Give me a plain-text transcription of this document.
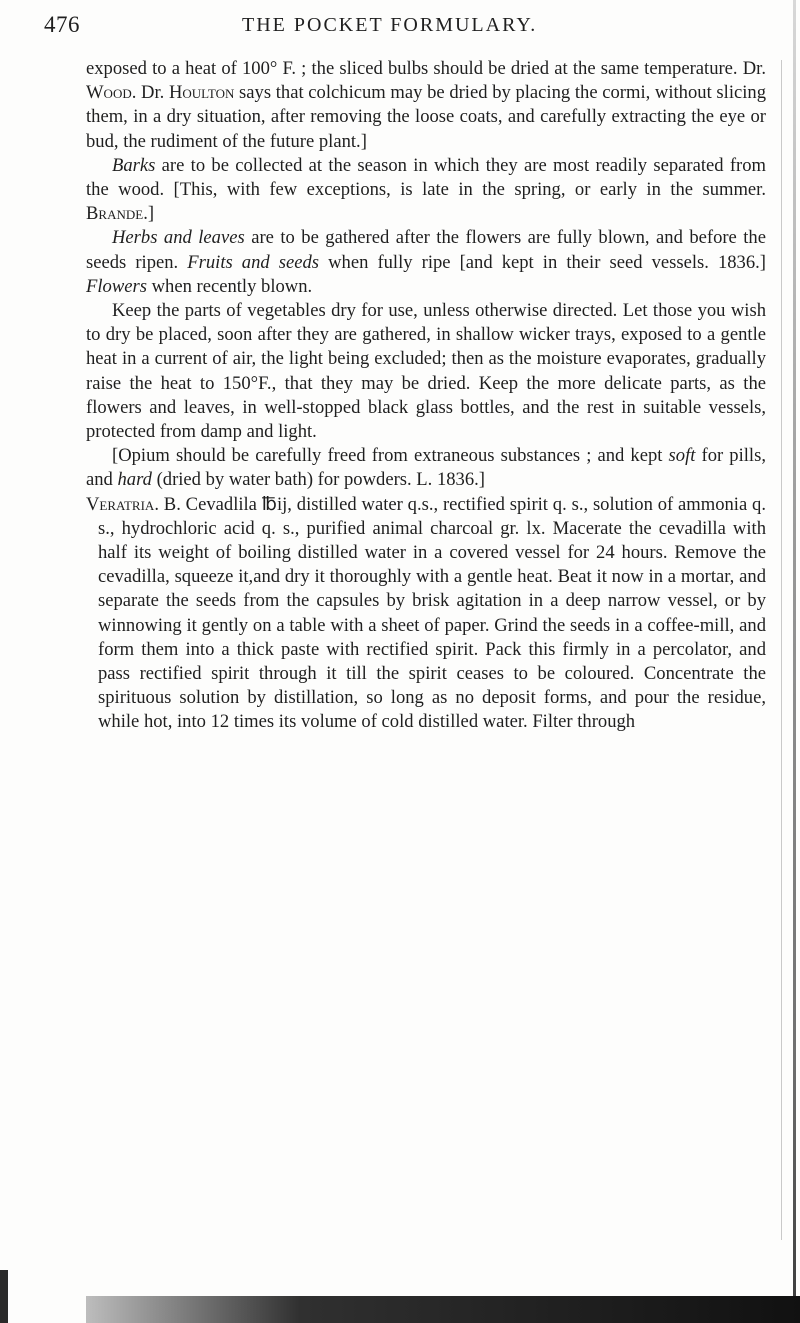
476	THE POCKET FORMULARY.

exposed to a heat of 100° F. ; the sliced bulbs should be dried at the same temperature. Dr. Wood. Dr. Houlton says that colchicum may be dried by placing the cormi, without slicing them, in a dry situation, after removing the loose coats, and carefully extracting the eye or bud, the rudiment of the future plant.]

Barks are to be collected at the season in which they are most readily separated from the wood. [This, with few exceptions, is late in the spring, or early in the summer. Brande.]

Herbs and leaves are to be gathered after the flowers are fully blown, and before the seeds ripen. Fruits and seeds when fully ripe [and kept in their seed vessels. 1836.] Flowers when recently blown.

Keep the parts of vegetables dry for use, unless otherwise directed. Let those you wish to dry be placed, soon after they are gathered, in shallow wicker trays, exposed to a gentle heat in a current of air, the light being excluded; then as the moisture evaporates, gradually raise the heat to 150°F., that they may be dried. Keep the more delicate parts, as the flowers and leaves, in well-stopped black glass bottles, and the rest in suitable vessels, protected from damp and light.

[Opium should be carefully freed from extraneous substances ; and kept soft for pills, and hard (dried by water bath) for powders. L. 1836.]

Veratria. B. Cevadlila ℔ij, distilled water q.s., rectified spirit q. s., solution of ammonia q. s., hydrochloric acid q. s., purified animal charcoal gr. lx. Macerate the cevadilla with half its weight of boiling distilled water in a covered vessel for 24 hours. Remove the cevadilla, squeeze it,and dry it thoroughly with a gentle heat. Beat it now in a mortar, and separate the seeds from the capsules by brisk agitation in a deep narrow vessel, or by winnowing it gently on a table with a sheet of paper. Grind the seeds in a coffee-mill, and form them into a thick paste with rectified spirit. Pack this firmly in a percolator, and pass rectified spirit through it till the spirit ceases to be coloured. Concentrate the spirituous solution by distillation, so long as no deposit forms, and pour the residue, while hot, into 12 times its volume of cold distilled water. Filter through
